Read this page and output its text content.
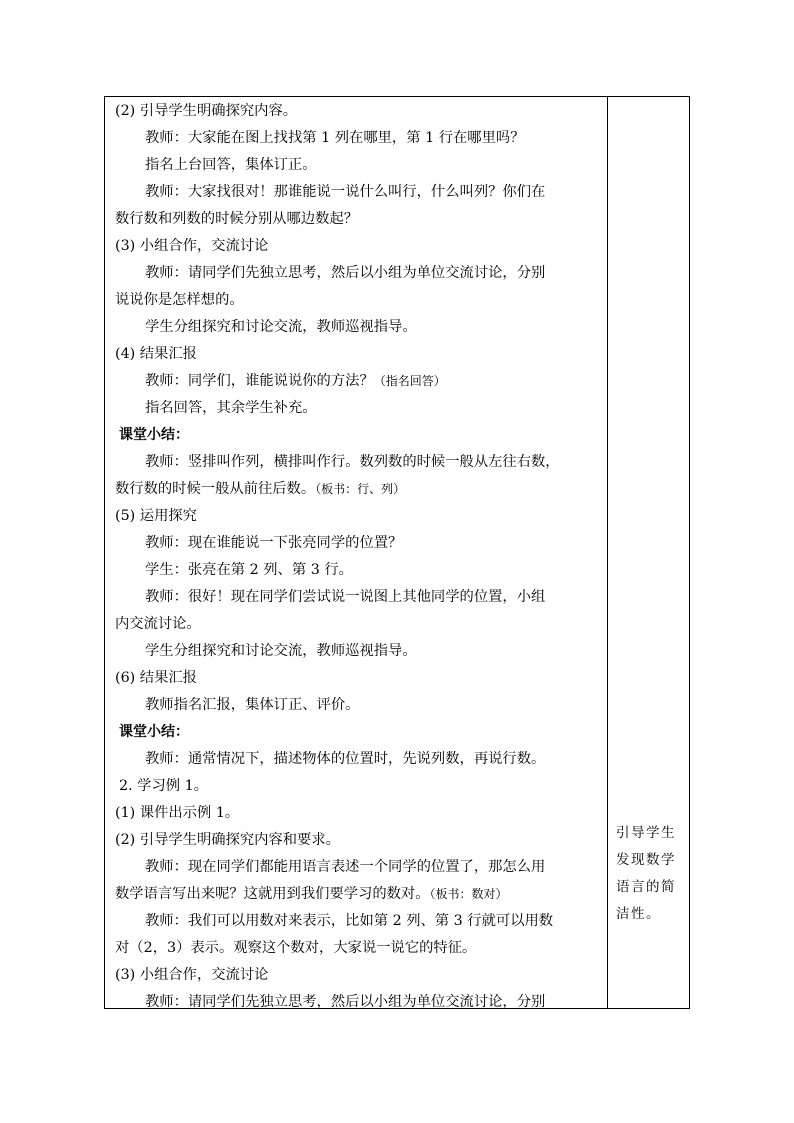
(2) 引导学生明确探究内容。
教师：大家能在图上找找第 1 列在哪里，第 1 行在哪里吗？
指名上台回答，集体订正。
教师：大家找很对！那谁能说一说什么叫行，什么叫列？你们在
数行数和列数的时候分别从哪边数起？
(3) 小组合作，交流讨论
教师：请同学们先独立思考，然后以小组为单位交流讨论，分别
说说你是怎样想的。
学生分组探究和讨论交流，教师巡视指导。
(4) 结果汇报
教师：同学们，谁能说说你的方法？（指名回答）
指名回答，其余学生补充。
课堂小结：
教师：竖排叫作列，横排叫作行。数列数的时候一般从左往右数，
数行数的时候一般从前往后数。（板书：行、列）
(5) 运用探究
教师：现在谁能说一下张亮同学的位置？
学生：张亮在第 2 列、第 3 行。
教师：很好！现在同学们尝试说一说图上其他同学的位置，小组
内交流讨论。
学生分组探究和讨论交流，教师巡视指导。
(6) 结果汇报
教师指名汇报，集体订正、评价。
课堂小结：
教师：通常情况下，描述物体的位置时，先说列数，再说行数。
2. 学习例 1。
(1) 课件出示例 1。
(2) 引导学生明确探究内容和要求。
教师：现在同学们都能用语言表述一个同学的位置了，那怎么用
数学语言写出来呢？这就用到我们要学习的数对。（板书：数对）
教师：我们可以用数对来表示，比如第 2 列、第 3 行就可以用数
对（2，3）表示。观察这个数对，大家说一说它的特征。
(3) 小组合作，交流讨论
教师：请同学们先独立思考，然后以小组为单位交流讨论，分别
引导学生
发现数学
语言的简
洁性。
